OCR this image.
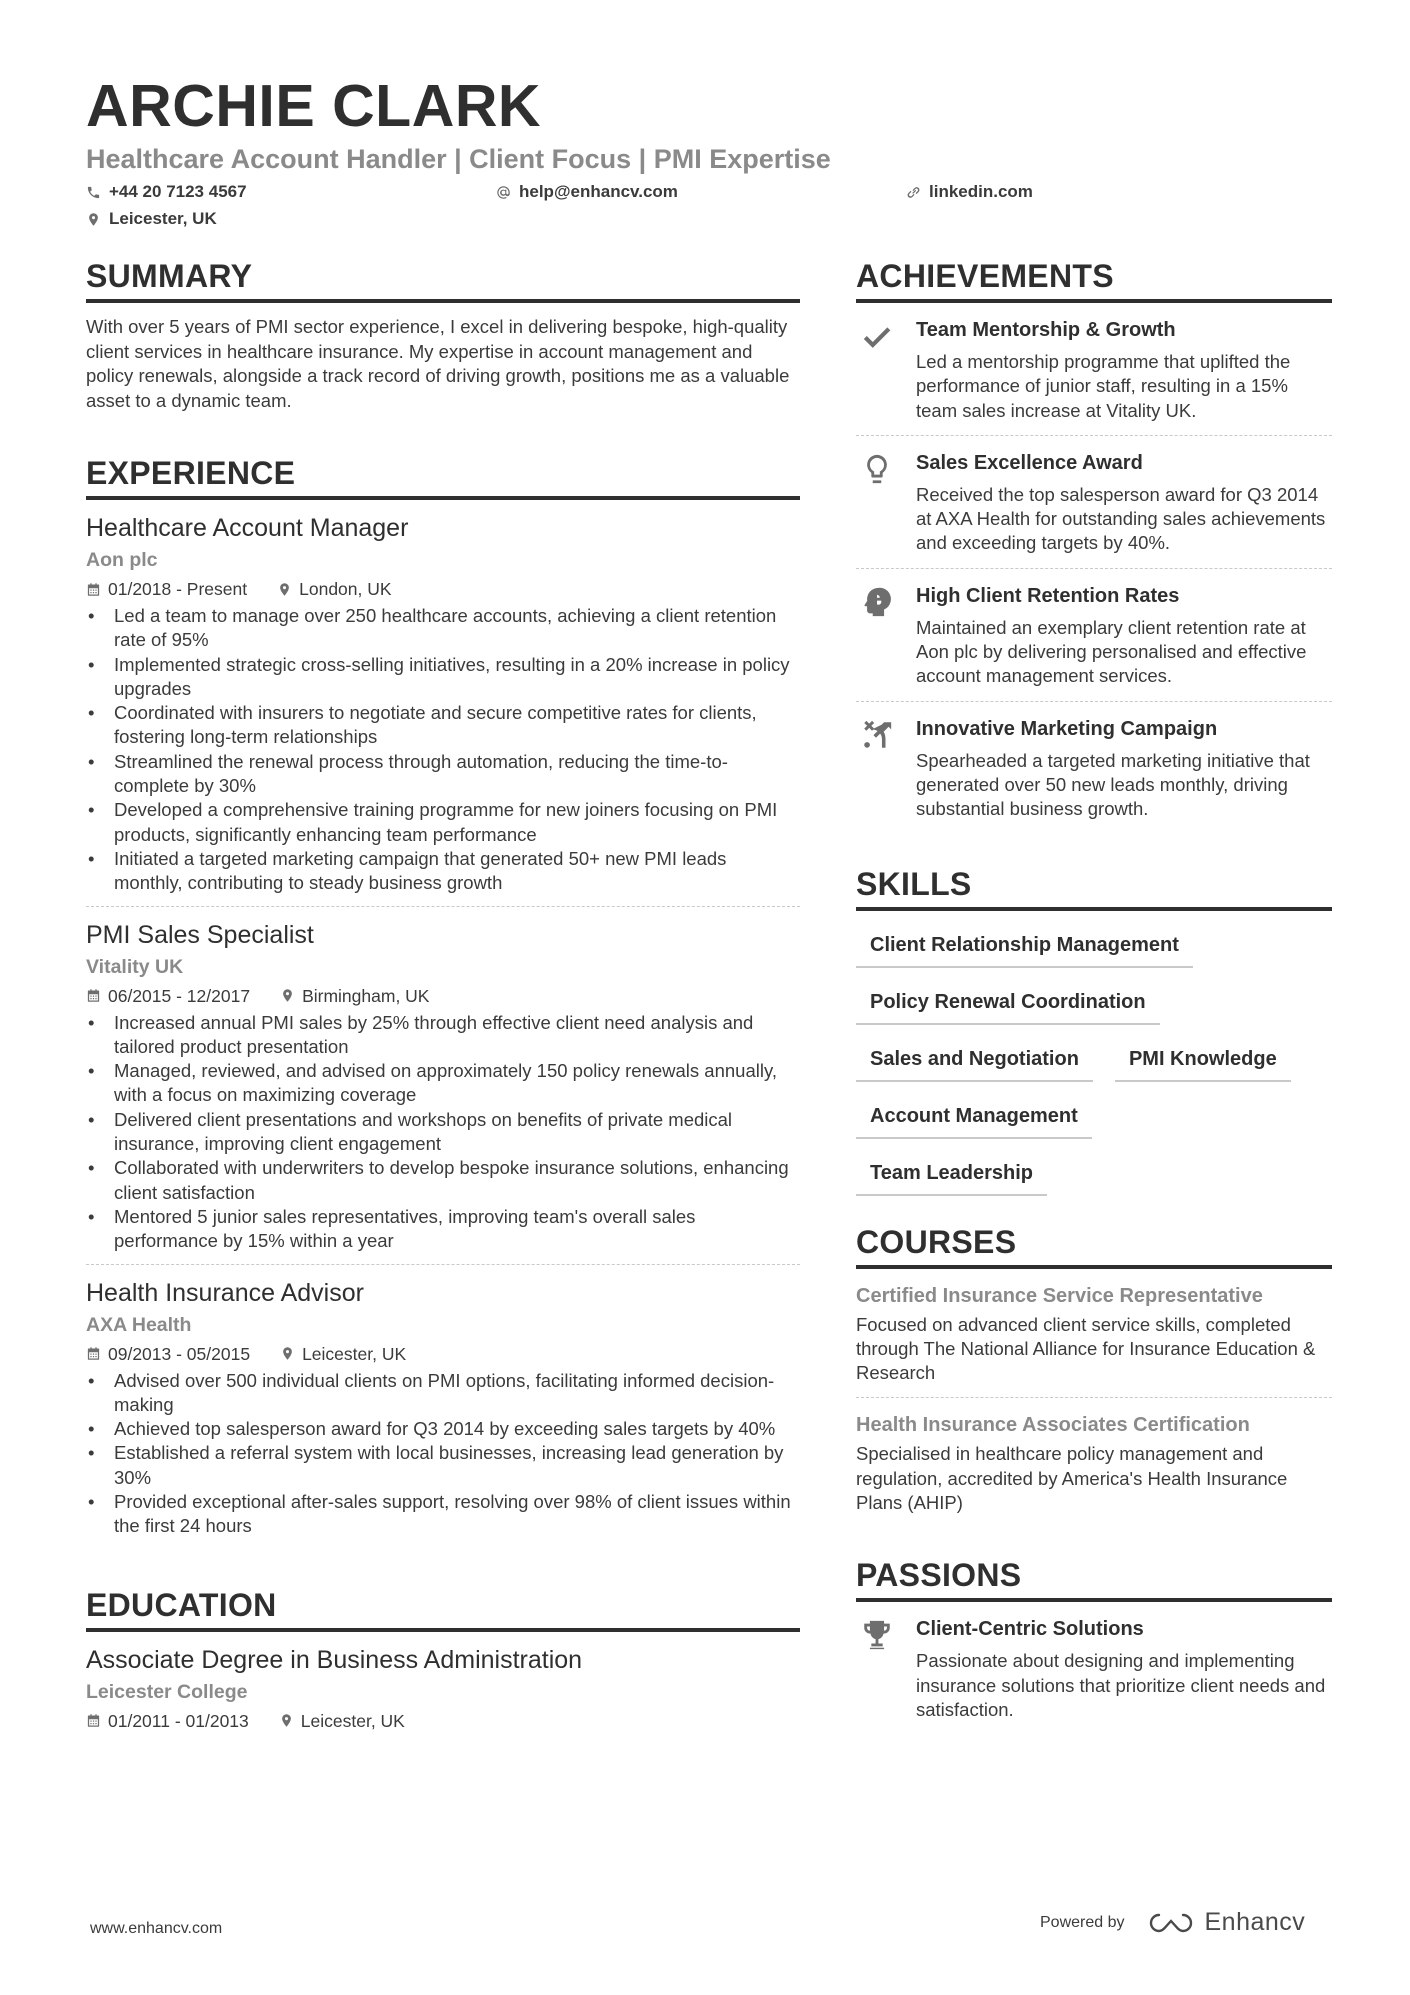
ARCHIE CLARK
Healthcare Account Handler | Client Focus | PMI Expertise
+44 20 7123 4567	help@enhancv.com	linkedin.com
Leicester, UK
SUMMARY

With over 5 years of PMI sector experience, I excel in delivering bespoke, high-quality client services in healthcare insurance. My expertise in account management and policy renewals, alongside a track record of driving growth, positions me as a valuable asset to a dynamic team.

EXPERIENCE
Healthcare Account Manager
Aon plc
01/2018 - Present	London, UK
• Led a team to manage over 250 healthcare accounts, achieving a client retention rate of 95%
• Implemented strategic cross-selling initiatives, resulting in a 20% increase in policy upgrades
• Coordinated with insurers to negotiate and secure competitive rates for clients, fostering long-term relationships
• Streamlined the renewal process through automation, reducing the time-to-complete by 30%
• Developed a comprehensive training programme for new joiners focusing on PMI products, significantly enhancing team performance
• Initiated a targeted marketing campaign that generated 50+ new PMI leads monthly, contributing to steady business growth
PMI Sales Specialist
Vitality UK
06/2015 - 12/2017	Birmingham, UK
• Increased annual PMI sales by 25% through effective client need analysis and tailored product presentation
• Managed, reviewed, and advised on approximately 150 policy renewals annually, with a focus on maximizing coverage
• Delivered client presentations and workshops on benefits of private medical insurance, improving client engagement
• Collaborated with underwriters to develop bespoke insurance solutions, enhancing client satisfaction
• Mentored 5 junior sales representatives, improving team's overall sales performance by 15% within a year
Health Insurance Advisor
AXA Health
09/2013 - 05/2015	Leicester, UK
• Advised over 500 individual clients on PMI options, facilitating informed decision-making
• Achieved top salesperson award for Q3 2014 by exceeding sales targets by 40%
• Established a referral system with local businesses, increasing lead generation by 30%
• Provided exceptional after-sales support, resolving over 98% of client issues within the first 24 hours
EDUCATION
Associate Degree in Business Administration
Leicester College
01/2011 - 01/2013	Leicester, UK
ACHIEVEMENTS
Team Mentorship & Growth
Led a mentorship programme that uplifted the performance of junior staff, resulting in a 15% team sales increase at Vitality UK.
Sales Excellence Award
Received the top salesperson award for Q3 2014 at AXA Health for outstanding sales achievements and exceeding targets by 40%.
High Client Retention Rates
Maintained an exemplary client retention rate at Aon plc by delivering personalised and effective account management services.
Innovative Marketing Campaign
Spearheaded a targeted marketing initiative that generated over 50 new leads monthly, driving substantial business growth.
SKILLS
Client Relationship Management
Policy Renewal Coordination
Sales and Negotiation	PMI Knowledge
Account Management
Team Leadership
COURSES
Certified Insurance Service Representative
Focused on advanced client service skills, completed through The National Alliance for Insurance Education & Research
Health Insurance Associates Certification
Specialised in healthcare policy management and regulation, accredited by America's Health Insurance Plans (AHIP)
PASSIONS
Client-Centric Solutions
Passionate about designing and implementing insurance solutions that prioritize client needs and satisfaction.
www.enhancv.com	Powered by	Enhancv
